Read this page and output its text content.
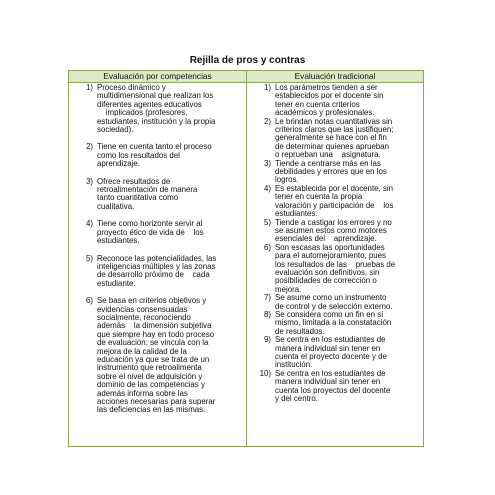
Rejilla de pros y contras
Evaluación por competencias	Evaluación tradicional
1) Proceso dinámico y
multidimensional que realizan los
diferentes agentes educativos
implicados (profesores,
estudiantes, institución y la propia
sociedad).
2) Tiene en cuenta tanto el proceso
como los resultados del
aprendizaje.
3) Ofrece resultados de
retroalimentación de manera
tanto cuantitativa como
cualitativa.
4) Tiene como horizonte servir al
proyecto ético de vida de    los
estudiantes.
5) Reconoce las potencialidades, las
inteligencias múltiples y las zonas
de desarrollo próximo de    cada
estudiante.
6) Se basa en criterios objetivos y
evidencias consensuadas
socialmente, reconociendo
además    la dimensión subjetiva
que siempre hay en todo proceso
de evaluación; se vincula con la
mejora de la calidad de la
educación ya que se trata de un
instrumento que retroalimenta
sobre el nivel de adquisición y
dominio de las competencias y
además informa sobre las
acciones necesarias para superar
las deficiencias en las mismas.
1) Los parámetros tienden a ser
establecidos por el docente sin
tener en cuenta criterios
académicos y profesionales.
2) Le brindan notas cuantitativas sin
criterios claros que las justifiquen;
generalmente se hace con el fin
de determinar quienes aprueban
o reprueban una    asignatura.
3) Tiende a centrarse más en las
debilidades y errores que en los
logros.
4) Es establecida por el docente, sin
tener en cuenta la propia
valoración y participación de    los
estudiantes.
5) Tiende a castigar los errores y no
se asumen estos como motores
esenciales del    aprendizaje.
6) Son escasas las oportunidades
para el automejoramiento, pues
los resultados de las    pruebas de
evaluación son definitivos, sin
posibilidades de corrección o
mejora.
7) Se asume como un instrumento
de control y de selección externo.
8) Se considera como un fin en sí
mismo, limitada a la constatación
de resultados.
9) Se centra en los estudiantes de
manera individual sin tener en
cuenta el proyecto docente y de
institución.
10) Se centra en los estudiantes de
manera individual sin tener en
cuenta los proyectos del docente
y del centro.
